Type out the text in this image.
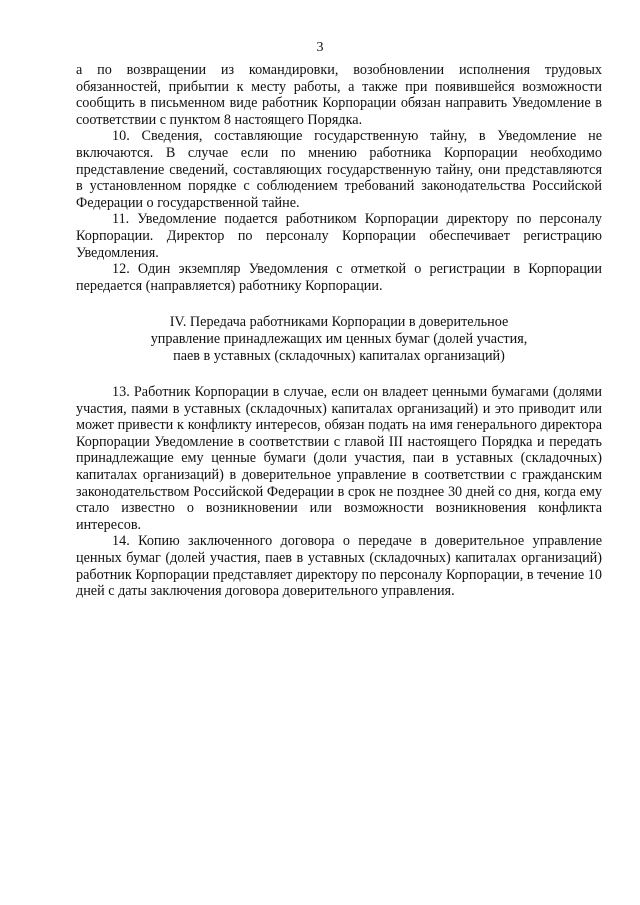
3

а по возвращении из командировки, возобновлении исполнения трудовых обязанностей, прибытии к месту работы, а также при появившейся возможности сообщить в письменном виде работник Корпорации обязан направить Уведомление в соответствии с пунктом 8 настоящего Порядка.

10. Сведения, составляющие государственную тайну, в Уведомление не включаются. В случае если по мнению работника Корпорации необходимо представление сведений, составляющих государственную тайну, они представляются в установленном порядке с соблюдением требований законодательства Российской Федерации о государственной тайне.

11. Уведомление подается работником Корпорации директору по персоналу Корпорации. Директор по персоналу Корпорации обеспечивает регистрацию Уведомления.

12. Один экземпляр Уведомления с отметкой о регистрации в Корпорации передается (направляется) работнику Корпорации.

IV. Передача работниками Корпорации в доверительное
управление принадлежащих им ценных бумаг (долей участия,
паев в уставных (складочных) капиталах организаций)

13. Работник Корпорации в случае, если он владеет ценными бумагами (долями участия, паями в уставных (складочных) капиталах организаций) и это приводит или может привести к конфликту интересов, обязан подать на имя генерального директора Корпорации Уведомление в соответствии с главой III настоящего Порядка и передать принадлежащие ему ценные бумаги (доли участия, паи в уставных (складочных) капиталах организаций) в доверительное управление в соответствии с гражданским законодательством Российской Федерации в срок не позднее 30 дней со дня, когда ему стало известно о возникновении или возможности возникновения конфликта интересов.

14. Копию заключенного договора о передаче в доверительное управление ценных бумаг (долей участия, паев в уставных (складочных) капиталах организаций) работник Корпорации представляет директору по персоналу Корпорации, в течение 10 дней с даты заключения договора доверительного управления.
